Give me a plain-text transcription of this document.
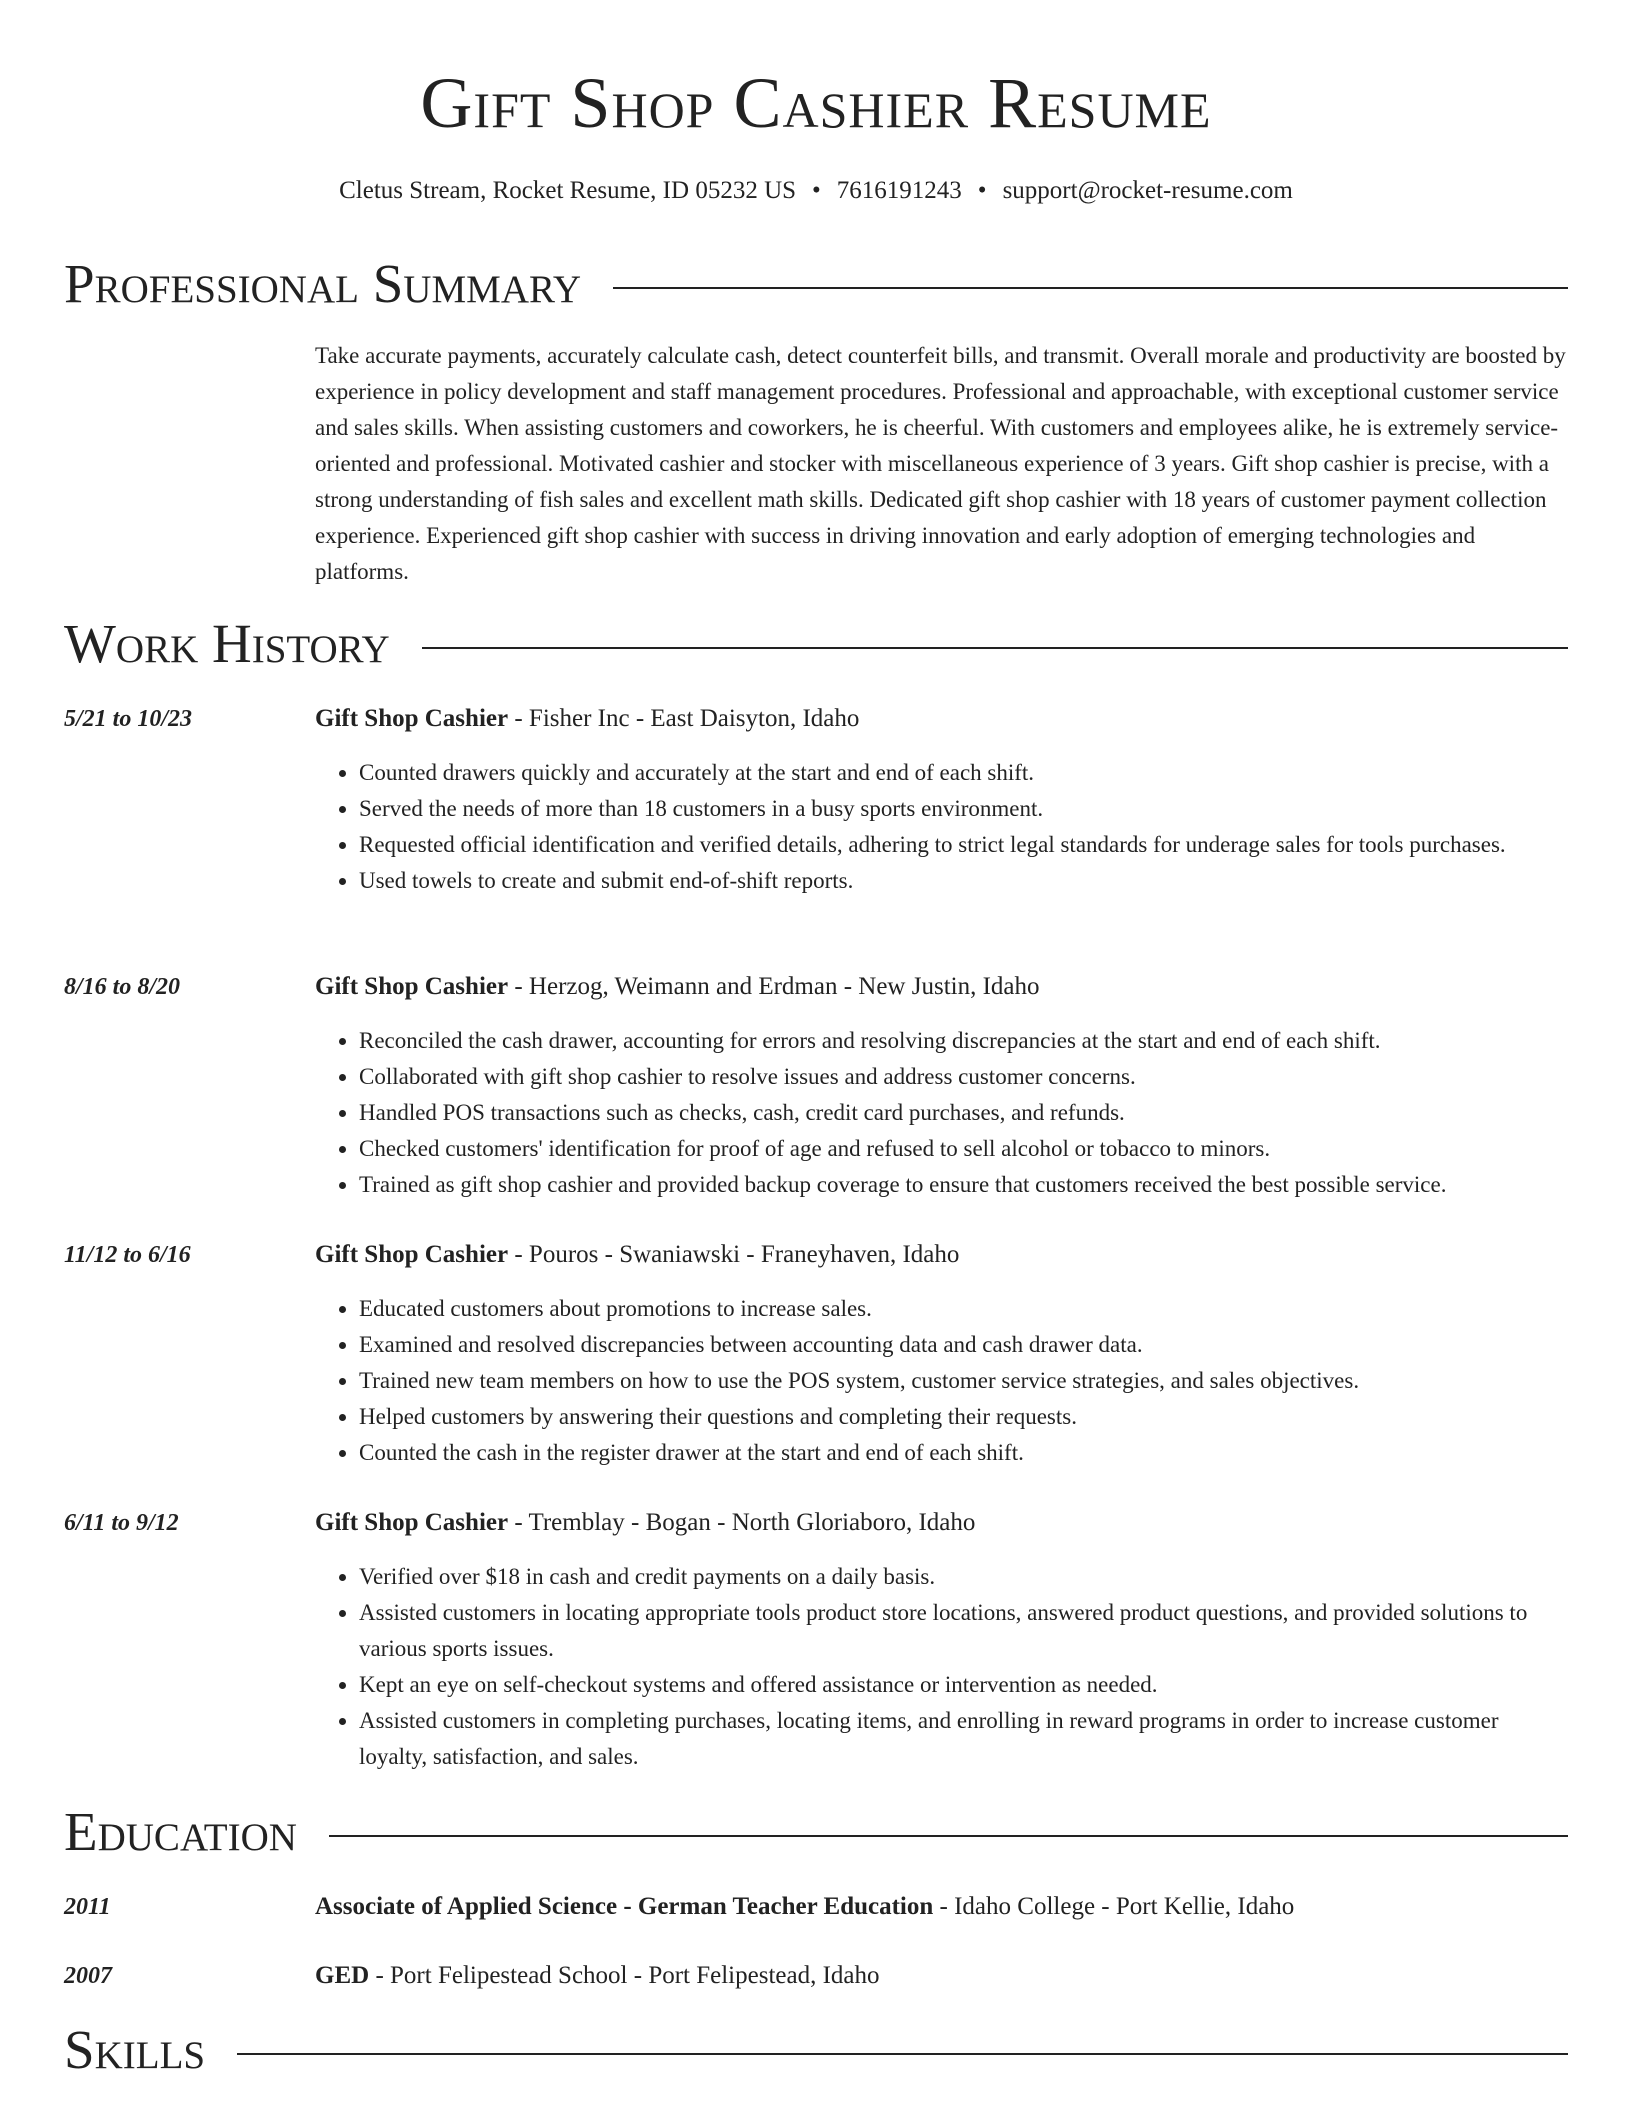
Gift Shop Cashier Resume
Cletus Stream, Rocket Resume, ID 05232 US • 7616191243 • support@rocket-resume.com
Professional Summary

Take accurate payments, accurately calculate cash, detect counterfeit bills, and transmit. Overall morale and productivity are boosted by experience in policy development and staff management procedures. Professional and approachable, with exceptional customer service and sales skills. When assisting customers and coworkers, he is cheerful. With customers and employees alike, he is extremely service-oriented and professional. Motivated cashier and stocker with miscellaneous experience of 3 years. Gift shop cashier is precise, with a strong understanding of fish sales and excellent math skills. Dedicated gift shop cashier with 18 years of customer payment collection experience. Experienced gift shop cashier with success in driving innovation and early adoption of emerging technologies and platforms.

Work History
5/21 to 10/23	Gift Shop Cashier - Fisher Inc - East Daisyton, Idaho
• Counted drawers quickly and accurately at the start and end of each shift.
• Served the needs of more than 18 customers in a busy sports environment.
• Requested official identification and verified details, adhering to strict legal standards for underage sales for tools purchases.
• Used towels to create and submit end-of-shift reports.
8/16 to 8/20	Gift Shop Cashier - Herzog, Weimann and Erdman - New Justin, Idaho
• Reconciled the cash drawer, accounting for errors and resolving discrepancies at the start and end of each shift.
• Collaborated with gift shop cashier to resolve issues and address customer concerns.
• Handled POS transactions such as checks, cash, credit card purchases, and refunds.
• Checked customers' identification for proof of age and refused to sell alcohol or tobacco to minors.
• Trained as gift shop cashier and provided backup coverage to ensure that customers received the best possible service.
11/12 to 6/16	Gift Shop Cashier - Pouros - Swaniawski - Franeyhaven, Idaho
• Educated customers about promotions to increase sales.
• Examined and resolved discrepancies between accounting data and cash drawer data.
• Trained new team members on how to use the POS system, customer service strategies, and sales objectives.
• Helped customers by answering their questions and completing their requests.
• Counted the cash in the register drawer at the start and end of each shift.
6/11 to 9/12	Gift Shop Cashier - Tremblay - Bogan - North Gloriaboro, Idaho
• Verified over $18 in cash and credit payments on a daily basis.
• Assisted customers in locating appropriate tools product store locations, answered product questions, and provided solutions to various sports issues.
• Kept an eye on self-checkout systems and offered assistance or intervention as needed.
• Assisted customers in completing purchases, locating items, and enrolling in reward programs in order to increase customer loyalty, satisfaction, and sales.
Education
2011	Associate of Applied Science - German Teacher Education - Idaho College - Port Kellie, Idaho
2007	GED - Port Felipestead School - Port Felipestead, Idaho
Skills
